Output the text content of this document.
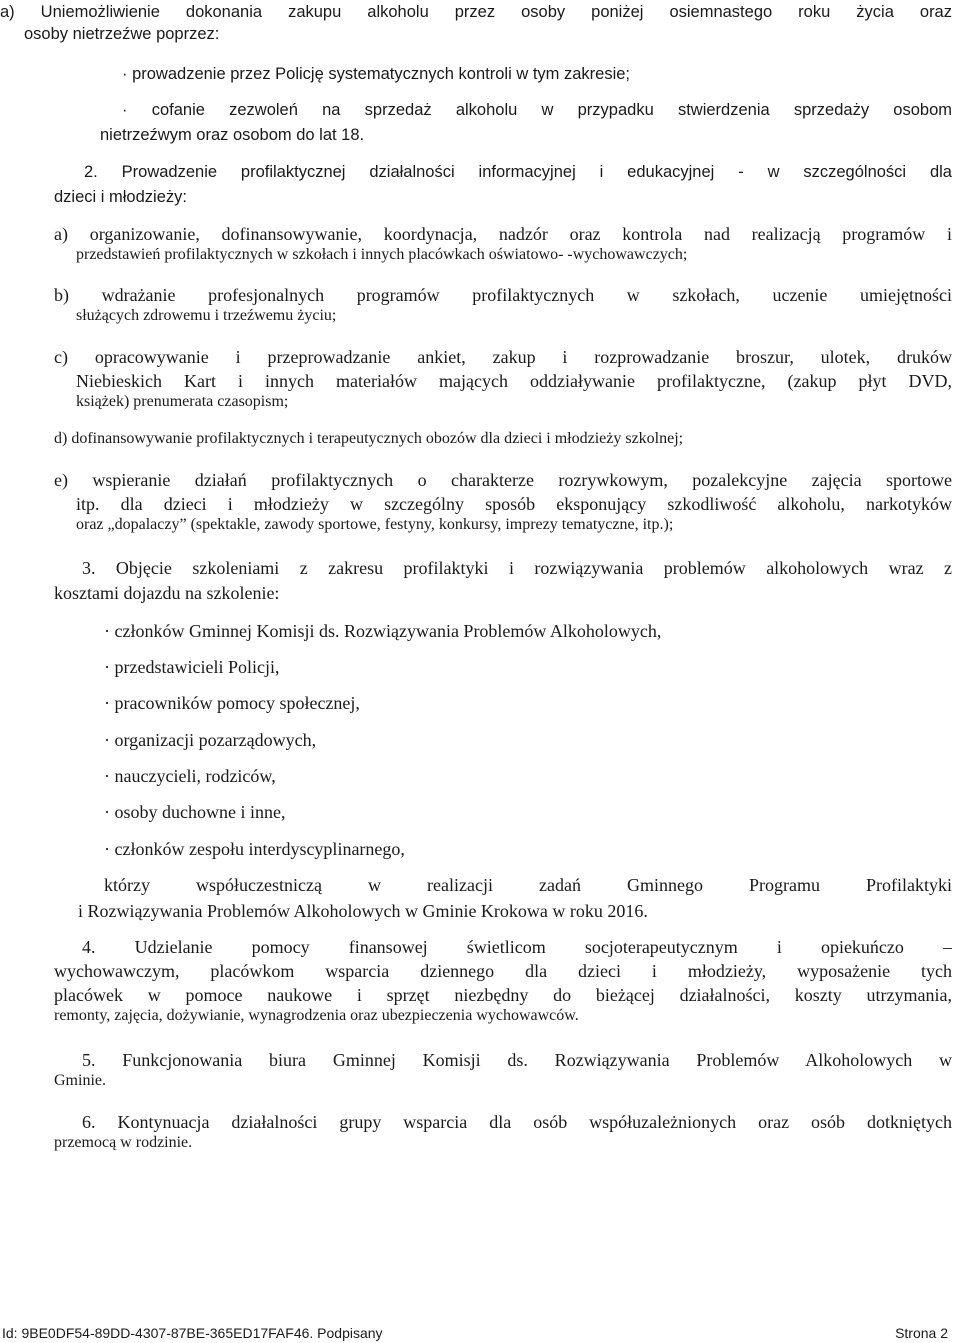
a) Uniemożliwienie dokonania zakupu alkoholu przez osoby poniżej osiemnastego roku życia oraz
osoby nietrzeźwe poprzez:
· prowadzenie przez Policję systematycznych kontroli w tym zakresie;
· cofanie zezwoleń na sprzedaż alkoholu w przypadku stwierdzenia sprzedaży osobom
nietrzeźwym oraz osobom do lat 18.
2. Prowadzenie profilaktycznej działalności informacyjnej i edukacyjnej - w szczególności dla
dzieci i młodzieży:
a) organizowanie, dofinansowywanie, koordynacja, nadzór oraz kontrola nad realizacją programów i
przedstawień profilaktycznych w szkołach i innych placówkach oświatowo- -wychowawczych;
b) wdrażanie profesjonalnych programów profilaktycznych w szkołach, uczenie umiejętności
służących zdrowemu i trzeźwemu życiu;
c) opracowywanie i przeprowadzanie ankiet, zakup i rozprowadzanie broszur, ulotek, druków
Niebieskich Kart i innych materiałów mających oddziaływanie profilaktyczne, (zakup płyt DVD,
książek) prenumerata czasopism;
d) dofinansowywanie profilaktycznych i terapeutycznych obozów dla dzieci i młodzieży szkolnej;
e) wspieranie działań profilaktycznych o charakterze rozrywkowym, pozalekcyjne zajęcia sportowe
itp. dla dzieci i młodzieży w szczególny sposób eksponujący szkodliwość alkoholu, narkotyków
oraz „dopalaczy” (spektakle, zawody sportowe, festyny, konkursy, imprezy tematyczne, itp.);
3. Objęcie szkoleniami z zakresu profilaktyki i rozwiązywania problemów alkoholowych wraz z
kosztami dojazdu na szkolenie:
· członków Gminnej Komisji ds. Rozwiązywania Problemów Alkoholowych,
· przedstawicieli Policji,
· pracowników pomocy społecznej,
· organizacji pozarządowych,
· nauczycieli, rodziców,
· osoby duchowne i inne,
· członków zespołu interdyscyplinarnego,
którzy współuczestniczą w realizacji zadań Gminnego Programu Profilaktyki
i Rozwiązywania Problemów Alkoholowych w Gminie Krokowa w roku 2016.
4. Udzielanie pomocy finansowej świetlicom socjoterapeutycznym i opiekuńczo –
wychowawczym, placówkom wsparcia dziennego dla dzieci i młodzieży, wyposażenie tych
placówek w pomoce naukowe i sprzęt niezbędny do bieżącej działalności, koszty utrzymania,
remonty, zajęcia, dożywianie, wynagrodzenia oraz ubezpieczenia wychowawców.
5. Funkcjonowania biura Gminnej Komisji ds. Rozwiązywania Problemów Alkoholowych w
Gminie.
6. Kontynuacja działalności grupy wsparcia dla osób współuzależnionych oraz osób dotkniętych
przemocą w rodzinie.
Id: 9BE0DF54-89DD-4307-87BE-365ED17FAF46. Podpisany	Strona 2
